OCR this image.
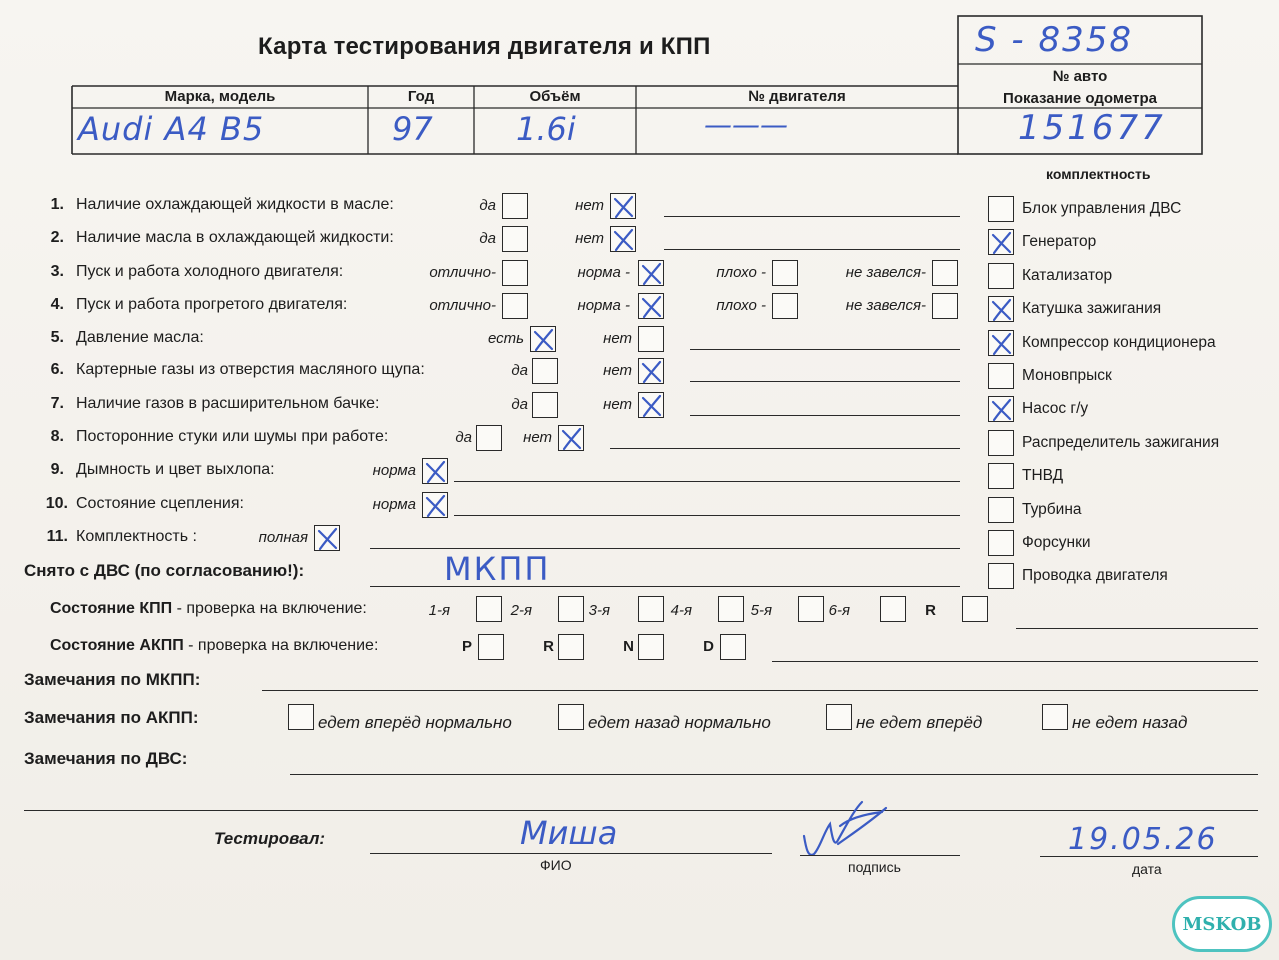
Карта тестирования двигателя и КПП	S - 8358
№ авто
Марка, модель	Год	Объём	№ двигателя	Показание одометра
Audi A4 B5	97	1.6i	———	151677
комплектность
Снято с ДВС (по согласованию!):	МКПП
Состояние КПП - проверка на включение:
Состояние АКПП - проверка на включение:
Замечания по МКПП:
Замечания по АКПП:
Замечания по ДВС:
Тестировал:	Миша
ФИО	подпись
19.05.26
дата
MSKOB
1. Наличие охлаждающей жидкости в масле:	да	нет
2. Наличие масла в охлаждающей жидкости:	да	нет
3. Пуск и работа холодного двигателя:	отлично-	норма -	плохо -	не завелся-
4. Пуск и работа прогретого двигателя:	отлично-	норма -	плохо -	не завелся-
5. Давление масла:	есть	нет
6. Картерные газы из отверстия масляного щупа:	да	нет
7. Наличие газов в расширительном бачке:	да	нет
8. Посторонние стуки или шумы при работе:	да	нет
9. Дымность и цвет выхлопа:	норма
10. Состояние сцепления:	норма
11. Комплектность :	полная
Блок управления ДВС
Генератор
Катализатор
Катушка зажигания
Компрессор кондиционера
Моновпрыск
Насос г/у
Распределитель зажигания
ТНВД
Турбина
Форсунки
Проводка двигателя
1-я	2-я	3-я	4-я	5-я	6-я	R
P	R	N	D
едет вперёд нормально	едет назад нормально	не едет вперёд	не едет назад
